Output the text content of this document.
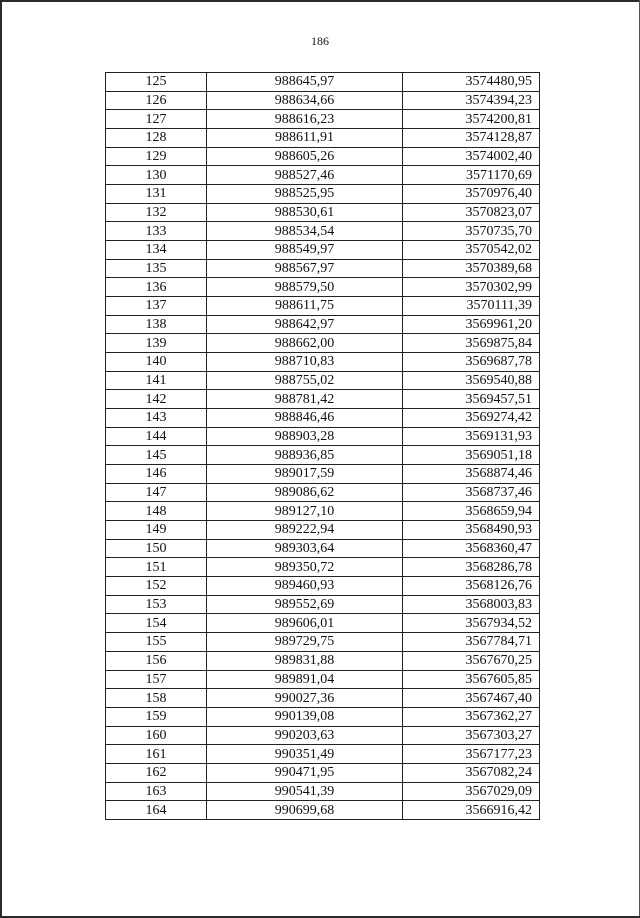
186
125	988645,97	3574480,95
126	988634,66	3574394,23
127	988616,23	3574200,81
128	988611,91	3574128,87
129	988605,26	3574002,40
130	988527,46	3571170,69
131	988525,95	3570976,40
132	988530,61	3570823,07
133	988534,54	3570735,70
134	988549,97	3570542,02
135	988567,97	3570389,68
136	988579,50	3570302,99
137	988611,75	3570111,39
138	988642,97	3569961,20
139	988662,00	3569875,84
140	988710,83	3569687,78
141	988755,02	3569540,88
142	988781,42	3569457,51
143	988846,46	3569274,42
144	988903,28	3569131,93
145	988936,85	3569051,18
146	989017,59	3568874,46
147	989086,62	3568737,46
148	989127,10	3568659,94
149	989222,94	3568490,93
150	989303,64	3568360,47
151	989350,72	3568286,78
152	989460,93	3568126,76
153	989552,69	3568003,83
154	989606,01	3567934,52
155	989729,75	3567784,71
156	989831,88	3567670,25
157	989891,04	3567605,85
158	990027,36	3567467,40
159	990139,08	3567362,27
160	990203,63	3567303,27
161	990351,49	3567177,23
162	990471,95	3567082,24
163	990541,39	3567029,09
164	990699,68	3566916,42
